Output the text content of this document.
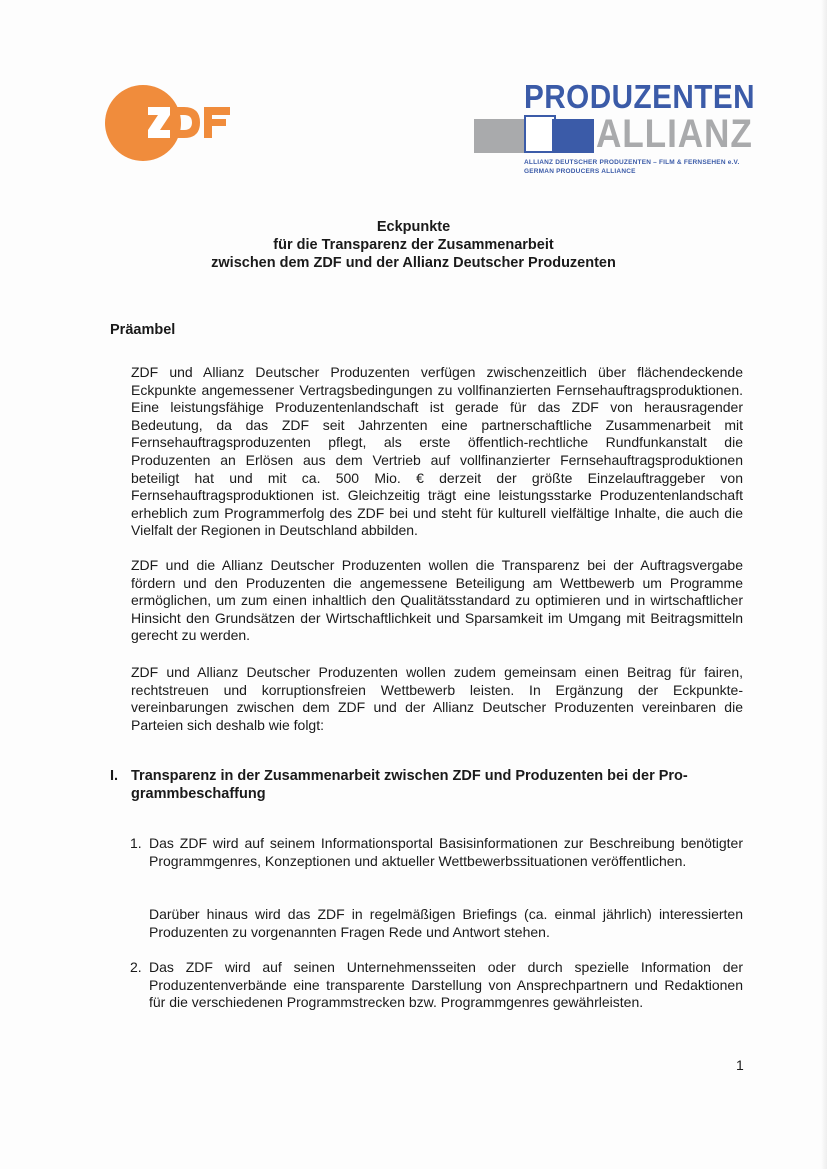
ZDF	PRODUZENTEN
ALLIANZ
ALLIANZ DEUTSCHER PRODUZENTEN – FILM & FERNSEHEN e.V.
GERMAN PRODUCERS ALLIANCE
Eckpunkte
für die Transparenz der Zusammenarbeit
zwischen dem ZDF und der Allianz Deutscher Produzenten
Präambel
ZDF und Allianz Deutscher Produzenten verfügen zwischenzeitlich über flächendeckende Eckpunkte angemessener Vertragsbedingungen zu vollfinanzierten Fernsehauftragsproduktionen. Eine leistungsfähige Produzentenlandschaft ist gerade für das ZDF von herausragender Bedeutung, da das ZDF seit Jahrzenten eine partnerschaftliche Zusammenarbeit mit Fernsehauftragsproduzenten pflegt, als erste öffentlich-rechtliche Rundfunkanstalt die Produzenten an Erlösen aus dem Vertrieb auf vollfinanzierter Fernsehauftragsproduktionen beteiligt hat und mit ca. 500 Mio. € derzeit der größte Einzelauftraggeber von Fernsehauftragsproduktionen ist. Gleichzeitig trägt eine leistungsstarke Produzentenlandschaft erheblich zum Programmerfolg des ZDF bei und steht für kulturell vielfältige Inhalte, die auch die Vielfalt der Regionen in Deutschland abbilden.
ZDF und die Allianz Deutscher Produzenten wollen die Transparenz bei der Auftragsvergabe fördern und den Produzenten die angemessene Beteiligung am Wettbewerb um Programme ermöglichen, um zum einen inhaltlich den Qualitätsstandard zu optimieren und in wirtschaftlicher Hinsicht den Grundsätzen der Wirtschaftlichkeit und Sparsamkeit im Umgang mit Beitragsmitteln gerecht zu werden.
ZDF und Allianz Deutscher Produzenten wollen zudem gemeinsam einen Beitrag für fairen, rechtstreuen und korruptionsfreien Wettbewerb leisten. In Ergänzung der Eckpunktevereinbarungen zwischen dem ZDF und der Allianz Deutscher Produzenten vereinbaren die Parteien sich deshalb wie folgt:
I. Transparenz in der Zusammenarbeit zwischen ZDF und Produzenten bei der Programmbeschaffung
1. Das ZDF wird auf seinem Informationsportal Basisinformationen zur Beschreibung benötigter Programmgenres, Konzeptionen und aktueller Wettbewerbssituationen veröffentlichen.
Darüber hinaus wird das ZDF in regelmäßigen Briefings (ca. einmal jährlich) interessierten Produzenten zu vorgenannten Fragen Rede und Antwort stehen.
2. Das ZDF wird auf seinen Unternehmensseiten oder durch spezielle Information der Produzentenverbände eine transparente Darstellung von Ansprechpartnern und Redaktionen für die verschiedenen Programmstrecken bzw. Programmgenres gewährleisten.
1
